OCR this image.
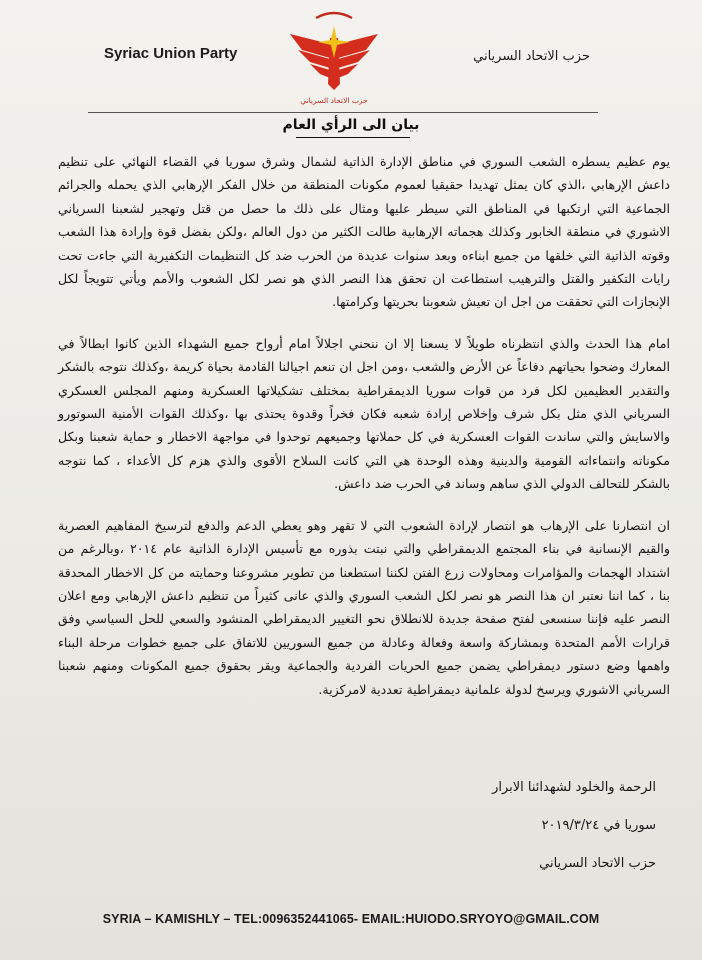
Syriac Union Party
حزب الاتحاد السرياني
حزب الاتحاد السرياني
بيان الى الرأي العام

يوم عظيم يسطره الشعب السوري في مناطق الإدارة الذاتية لشمال وشرق سوريا في القضاء النهائي على تنظيم داعش الإرهابي ،الذي كان يمثل تهديدا حقيقيا لعموم مكونات المنطقة من خلال الفكر الإرهابي الذي يحمله والجرائم الجماعية التي ارتكبها في المناطق التي سيطر عليها ومثال على ذلك ما حصل من قتل وتهجير لشعبنا السرياني الاشوري في منطقة الخابور وكذلك هجماته الإرهابية طالت الكثير من دول العالم ،ولكن بفضل قوة وإرادة هذا الشعب وقوته الذاتية التي خلقها من جميع ابناءه وبعد سنوات عديدة من الحرب ضد كل التنظيمات التكفيرية التي جاءت تحت رايات التكفير والقتل والترهيب استطاعت ان تحقق هذا النصر الذي هو نصر لكل الشعوب والأمم ويأتي تتويجاً لكل الإنجازات التي تحققت من اجل ان تعيش شعوبنا بحريتها وكرامتها.

امام هذا الحدث والذي انتظرناه طويلاً لا يسعنا إلا ان ننحني اجلالاً امام أرواح جميع الشهداء الذين كانوا ابطالاً في المعارك وضحوا بحياتهم دفاعاً عن الأرض والشعب ،ومن اجل ان تنعم اجيالنا القادمة بحياة كريمة ،وكذلك نتوجه بالشكر والتقدير العظيمين لكل فرد من قوات سوريا الديمقراطية بمختلف تشكيلاتها العسكرية ومنهم المجلس العسكري السرياني الذي مثل بكل شرف وإخلاص إرادة شعبه فكان فخراً وقدوة يحتذى بها ،وكذلك القوات الأمنية السوتورو والاسايش والتي ساندت القوات العسكرية في كل حملاتها وجميعهم توحدوا في مواجهة الاخطار و حماية شعبنا وبكل مكوناته وانتماءاته القومية والدينية وهذه الوحدة هي التي كانت السلاح الأقوى والذي هزم كل الأعداء ، كما نتوجه بالشكر للتحالف الدولي الذي ساهم وساند في الحرب ضد داعش.

ان انتصارنا على الإرهاب هو انتصار لإرادة الشعوب التي لا تقهر وهو يعطي الدعم والدفع لترسيخ المفاهيم العصرية والقيم الإنسانية في بناء المجتمع الديمقراطي والتي نبتت بذوره مع تأسيس الإدارة الذاتية عام ٢٠١٤ ،وبالرغم من اشتداد الهجمات والمؤامرات ومحاولات زرع الفتن لكننا استطعنا من تطوير مشروعنا وحمايته من كل الاخطار المحدقة بنا ، كما اننا نعتبر ان هذا النصر هو نصر لكل الشعب السوري والذي عانى كثيراً من تنظيم داعش الإرهابي ومع اعلان النصر عليه فإننا سنسعى لفتح صفحة جديدة للانطلاق نحو التغيير الديمقراطي المنشود والسعي للحل السياسي وفق قرارات الأمم المتحدة وبمشاركة واسعة وفعالة وعادلة من جميع السوريين للاتفاق على جميع خطوات مرحلة البناء واهمها وضع دستور ديمقراطي يضمن جميع الحريات الفردية والجماعية ويقر بحقوق جميع المكونات ومنهم شعبنا السرياني الاشوري ويرسخ لدولة علمانية ديمقراطية تعددية لامركزية.

الرحمة والخلود لشهدائنا الابرار
سوريا في ٢٠١٩/٣/٢٤
حزب الاتحاد السرياني
SYRIA – KAMISHLY – TEL:0096352441065- EMAIL:HUIODO.SRYOYO@GMAIL.COM
